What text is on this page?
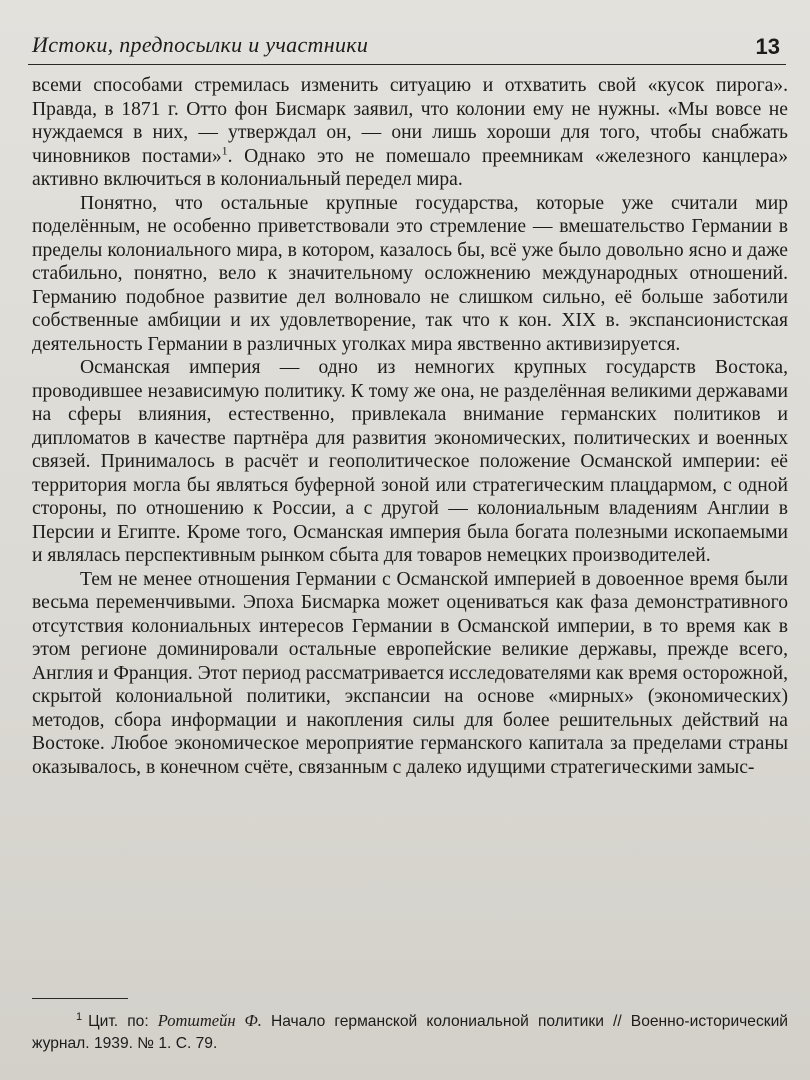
Истоки, предпосылки и участники	13

всеми способами стремилась изменить ситуацию и отхватить свой «кусок пирога». Правда, в 1871 г. Отто фон Бисмарк заявил, что колонии ему не нужны. «Мы вовсе не нуждаемся в них, — утверждал он, — они лишь хороши для того, чтобы снабжать чиновников постами»$^1$. Однако это не помешало преемникам «железного канцлера» активно включиться в колониальный передел мира.

Понятно, что остальные крупные государства, которые уже считали мир поделённым, не особенно приветствовали это стремление — вмешательство Германии в пределы колониального мира, в котором, казалось бы, всё уже было довольно ясно и даже стабильно, понятно, вело к значительному осложнению международных отношений. Германию подобное развитие дел волновало не слишком сильно, её больше заботили собственные амбиции и их удовлетворение, так что к кон. XIX в. экспансионистская деятельность Германии в различных уголках мира явственно активизируется.

Османская империя — одно из немногих крупных государств Востока, проводившее независимую политику. К тому же она, не разделённая великими державами на сферы влияния, естественно, привлекала внимание германских политиков и дипломатов в качестве партнёра для развития экономических, политических и военных связей. Принималось в расчёт и геополитическое положение Османской империи: её территория могла бы являться буферной зоной или стратегическим плацдармом, с одной стороны, по отношению к России, а с другой — колониальным владениям Англии в Персии и Египте. Кроме того, Османская империя была богата полезными ископаемыми и являлась перспективным рынком сбыта для товаров немецких производителей.

Тем не менее отношения Германии с Османской империей в довоенное время были весьма переменчивыми. Эпоха Бисмарка может оцениваться как фаза демонстративного отсутствия колониальных интересов Германии в Османской империи, в то время как в этом регионе доминировали остальные европейские великие державы, прежде всего, Англия и Франция. Этот период рассматривается исследователями как время осторожной, скрытой колониальной политики, экспансии на основе «мирных» (экономических) методов, сбора информации и накопления силы для более решительных действий на Востоке. Любое экономическое мероприятие германского капитала за пределами страны оказывалось, в конечном счёте, связанным с далеко идущими стратегическими замыс-

$^1$ Цит. по: Ротштейн Ф. Начало германской колониальной политики // Военно-исторический журнал. 1939. № 1. С. 79.
